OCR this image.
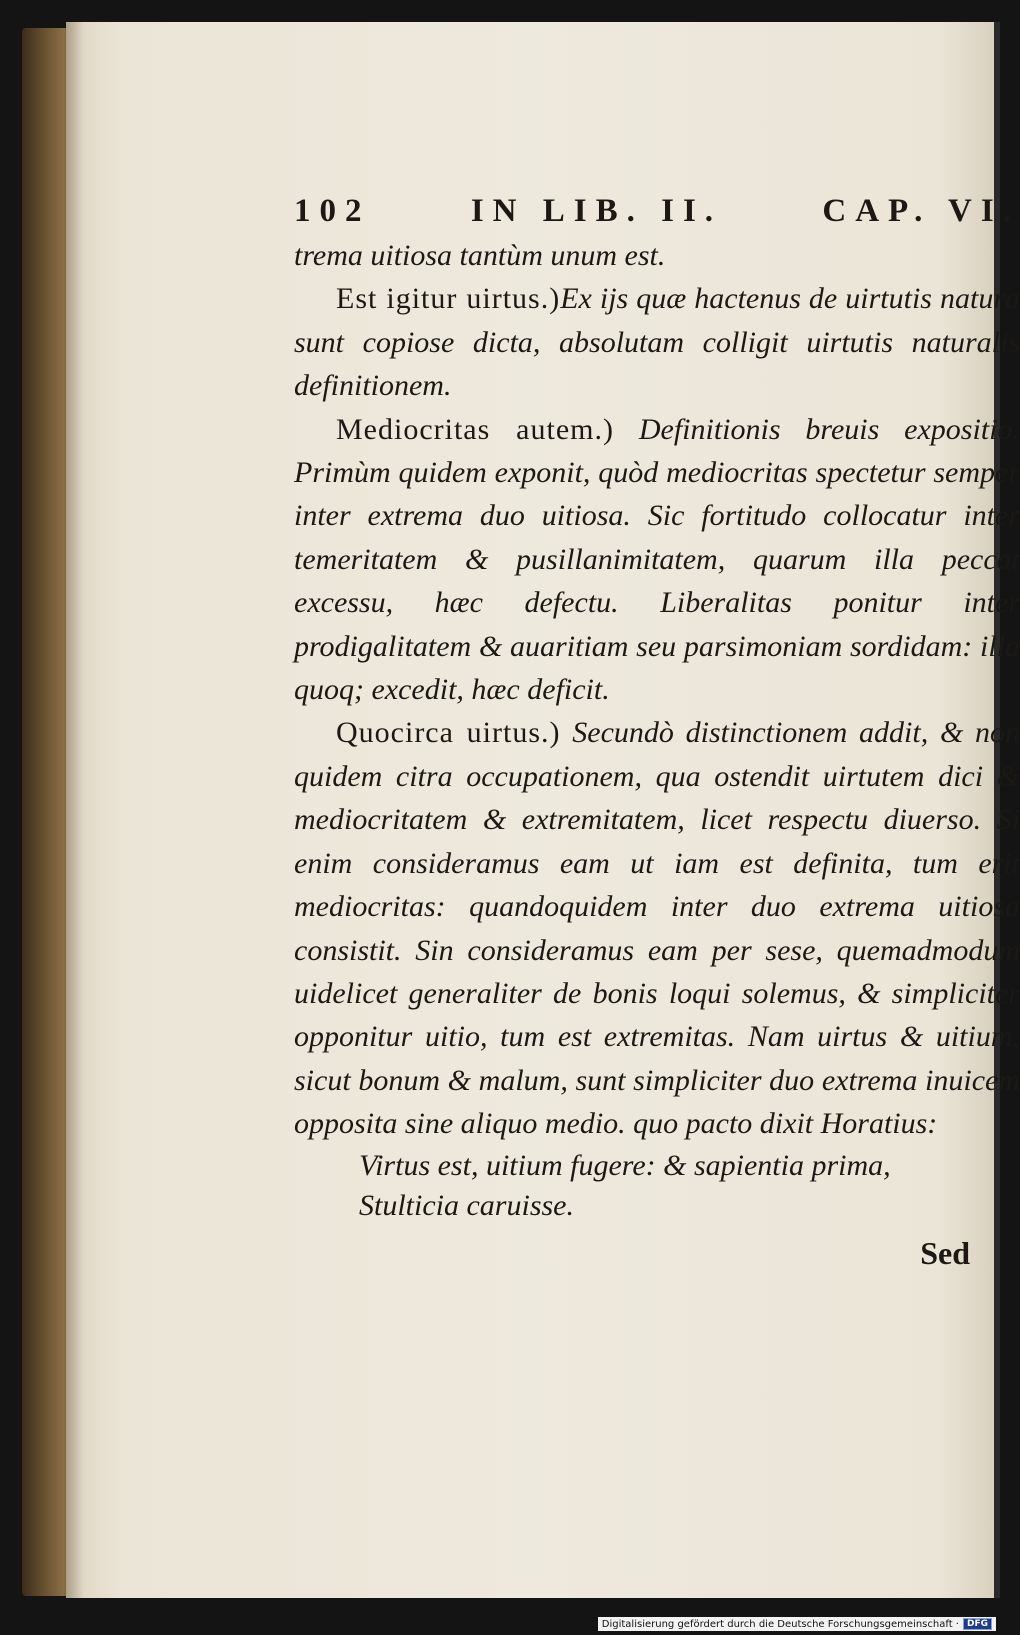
102	IN LIB. II.	CAP. VI.

trema uitiosa tantùm unum est.

Est igitur uirtus.)Ex ijs quæ hactenus de uirtutis natura sunt copiose dicta, absolutam colligit uirtutis naturalis definitionem.

Mediocritas autem.) Definitionis breuis expositio. Primùm quidem exponit, quòd mediocritas spectetur semper inter extrema duo uitiosa. Sic fortitudo collocatur inter temeritatem & pusillanimitatem, quarum illa peccat excessu, hæc defectu. Liberalitas ponitur inter prodigalitatem & auaritiam seu parsimoniam sordidam: illa quoq; excedit, hæc deficit.

Quocirca uirtus.) Secundò distinctionem addit, & non quidem citra occupationem, qua ostendit uirtutem dici & mediocritatem & extremitatem, licet respectu diuerso. Si enim consideramus eam ut iam est definita, tum erit mediocritas: quandoquidem inter duo extrema uitiosa consistit. Sin consideramus eam per sese, quemadmodum uidelicet generaliter de bonis loqui solemus, & simpliciter opponitur uitio, tum est extremitas. Nam uirtus & uitium, sicut bonum & malum, sunt simpliciter duo extrema inuicem opposita sine aliquo medio. quo pacto dixit Horatius:

Virtus est, uitium fugere: & sapientia prima,
Stulticia caruisse.

Sed
Digitalisierung gefördert durch die Deutsche Forschungsgemeinschaft · DFG
